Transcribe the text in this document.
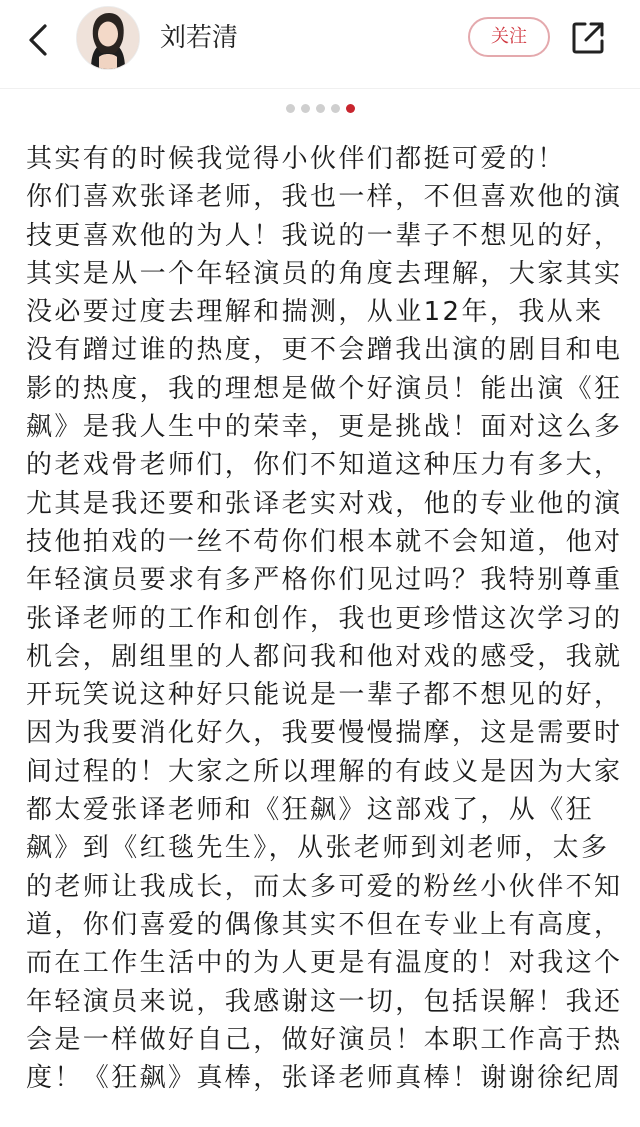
刘若清	关注
其实有的时候我觉得小伙伴们都挺可爱的！
你们喜欢张译老师，我也一样，不但喜欢他的演
技更喜欢他的为人！我说的一辈子不想见的好，
其实是从一个年轻演员的角度去理解，大家其实
没必要过度去理解和揣测，从业12年，我从来
没有蹭过谁的热度，更不会蹭我出演的剧目和电
影的热度，我的理想是做个好演员！能出演《狂
飙》是我人生中的荣幸，更是挑战！面对这么多
的老戏骨老师们，你们不知道这种压力有多大，
尤其是我还要和张译老实对戏，他的专业他的演
技他拍戏的一丝不苟你们根本就不会知道，他对
年轻演员要求有多严格你们见过吗？我特别尊重
张译老师的工作和创作，我也更珍惜这次学习的
机会，剧组里的人都问我和他对戏的感受，我就
开玩笑说这种好只能说是一辈子都不想见的好，
因为我要消化好久，我要慢慢揣摩，这是需要时
间过程的！大家之所以理解的有歧义是因为大家
都太爱张译老师和《狂飙》这部戏了，从《狂
飙》到《红毯先生》，从张老师到刘老师，太多
的老师让我成长，而太多可爱的粉丝小伙伴不知
道，你们喜爱的偶像其实不但在专业上有高度，
而在工作生活中的为人更是有温度的！对我这个
年轻演员来说，我感谢这一切，包括误解！我还
会是一样做好自己，做好演员！本职工作高于热
度！《狂飙》真棒，张译老师真棒！谢谢徐纪周
